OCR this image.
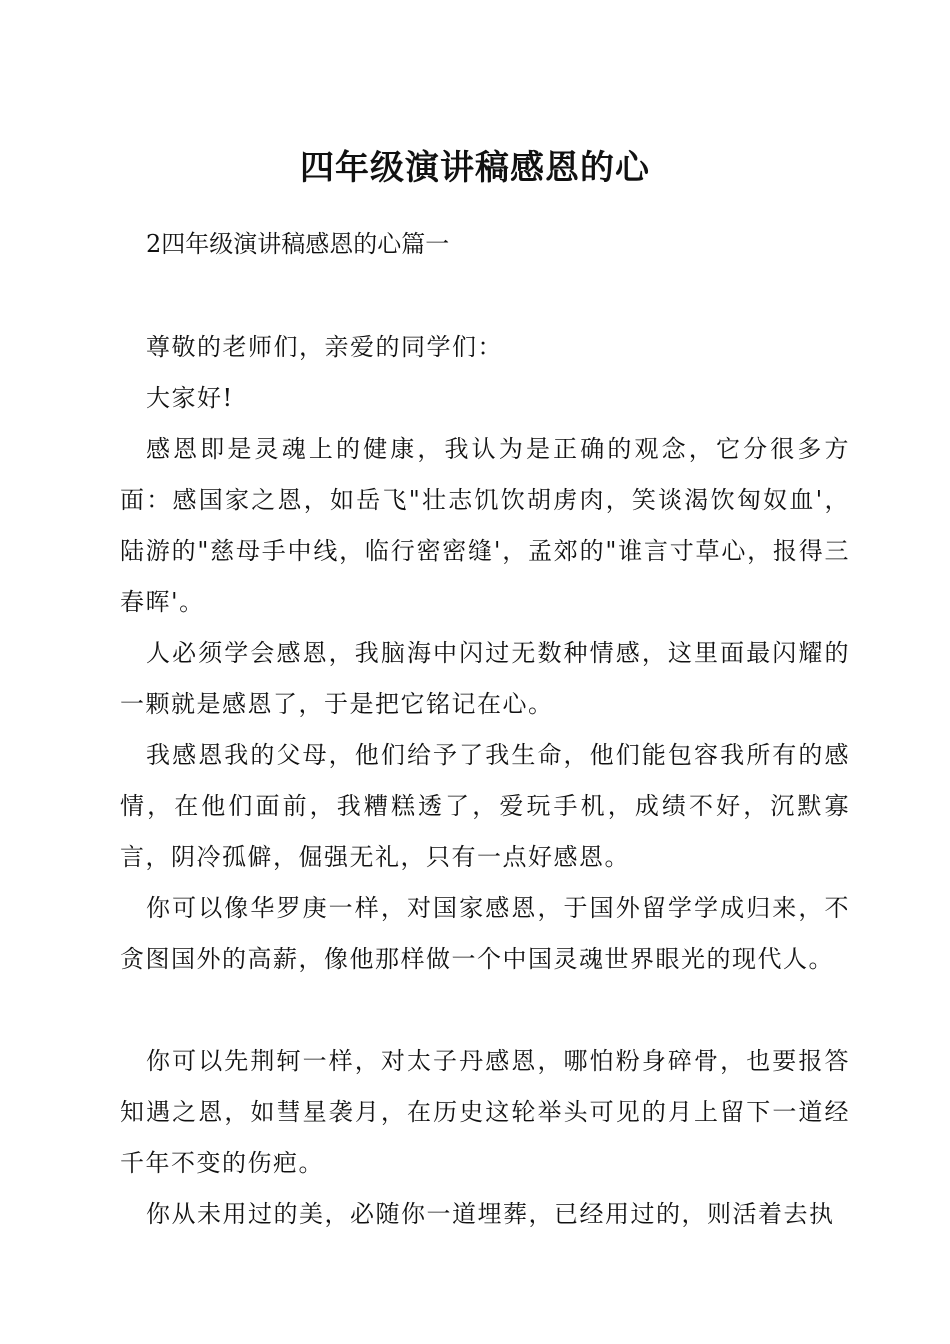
四年级演讲稿感恩的心

2四年级演讲稿感恩的心篇一

尊敬的老师们，亲爱的同学们：

大家好!

感恩即是灵魂上的健康，我认为是正确的观念，它分很多方面：感国家之恩，如岳飞"壮志饥饮胡虏肉，笑谈渴饮匈奴血'，陆游的"慈母手中线，临行密密缝'，孟郊的"谁言寸草心，报得三春晖'。

人必须学会感恩，我脑海中闪过无数种情感，这里面最闪耀的一颗就是感恩了，于是把它铭记在心。

我感恩我的父母，他们给予了我生命，他们能包容我所有的感情，在他们面前，我糟糕透了，爱玩手机，成绩不好，沉默寡言，阴冷孤僻，倔强无礼，只有一点好感恩。

你可以像华罗庚一样，对国家感恩，于国外留学学成归来，不贪图国外的高薪，像他那样做一个中国灵魂世界眼光的现代人。

你可以先荆轲一样，对太子丹感恩，哪怕粉身碎骨，也要报答知遇之恩，如彗星袭月，在历史这轮举头可见的月上留下一道经千年不变的伤疤。

你从未用过的美，必随你一道埋葬，已经用过的，则活着去执
